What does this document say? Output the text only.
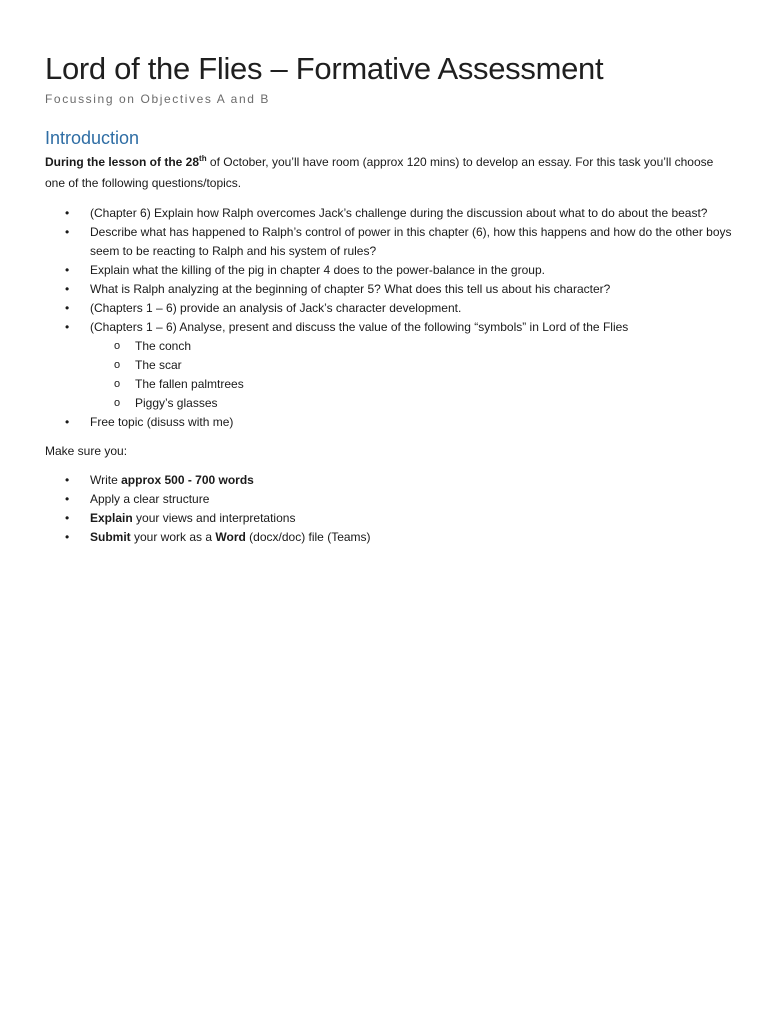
Lord of the Flies – Formative Assessment
Focussing on Objectives A and B
Introduction
During the lesson of the 28th of October, you’ll have room (approx 120 mins) to develop an essay. For this task you’ll choose one of the following questions/topics.
• (Chapter 6) Explain how Ralph overcomes Jack’s challenge during the discussion about what to do about the beast?
• Describe what has happened to Ralph’s control of power in this chapter (6), how this happens and how do the other boys seem to be reacting to Ralph and his system of rules?
• Explain what the killing of the pig in chapter 4 does to the power-balance in the group.
• What is Ralph analyzing at the beginning of chapter 5? What does this tell us about his character?
• (Chapters 1 – 6) provide an analysis of Jack’s character development.
• (Chapters 1 – 6) Analyse, present and discuss the value of the following “symbols” in Lord of the Flies
o The conch
o The scar
o The fallen palmtrees
o Piggy’s glasses
• Free topic (disuss with me)
Make sure you:
• Write approx 500 - 700 words
• Apply a clear structure
• Explain your views and interpretations
• Submit your work as a Word (docx/doc) file (Teams)
